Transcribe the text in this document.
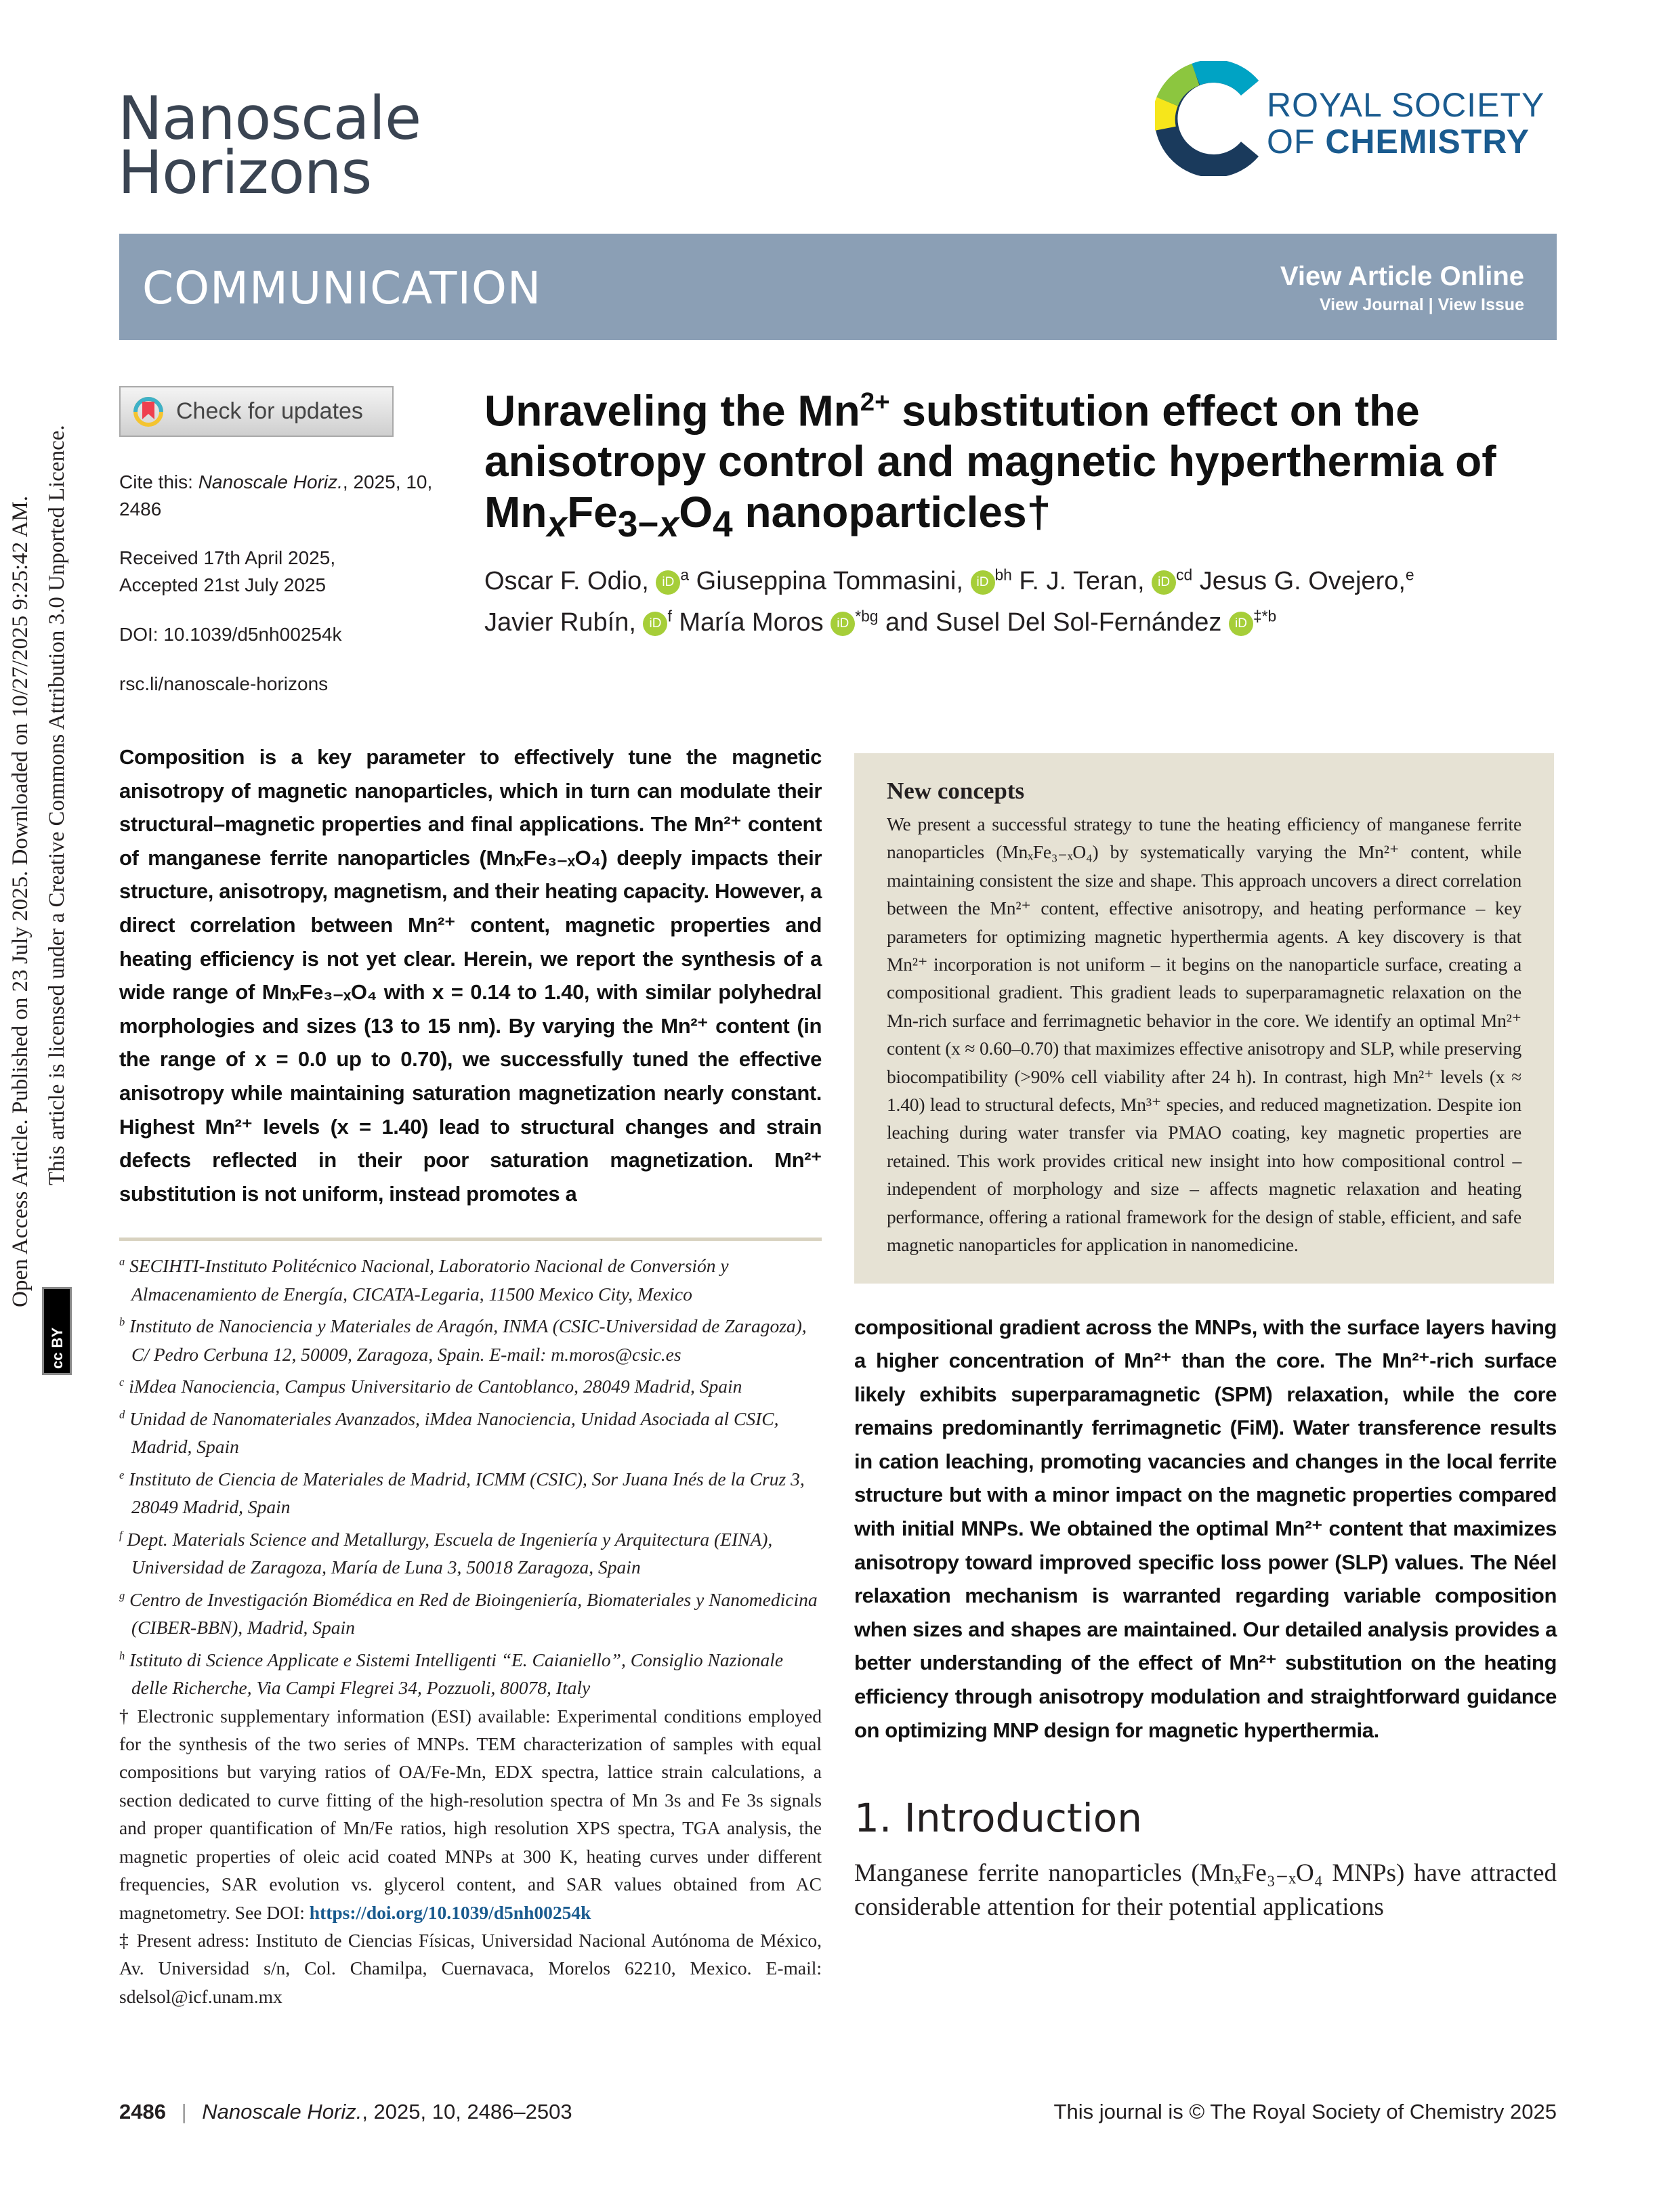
Open Access Article. Published on 23 July 2025. Downloaded on 10/27/2025 9:25:42 AM. This article is licensed under a Creative Commons Attribution 3.0 Unported Licence.
cc BY
Nanoscale
Horizons
ROYAL SOCIETY
OF CHEMISTRY
COMMUNICATION	View Article Online
View Journal | View Issue
Check for updates
Cite this: Nanoscale Horiz., 2025, 10, 2486
Received 17th April 2025,
Accepted 21st July 2025
DOI: 10.1039/d5nh00254k
rsc.li/nanoscale-horizons
Unraveling the $Mn^{2+}$ substitution effect on the anisotropy control and magnetic hyperthermia of $Mn_xFe_{3-x}O_4$ nanoparticles†
Oscar F. Odio, iD $^a$ Giuseppina Tommasini, iD $^{bh}$ F. J. Teran, iD $^{cd}$ Jesus G. Ovejero,$^e$
Javier Rubín, iD $^f$ María Moros iD $^{*bg}$ and Susel Del Sol-Fernández iD $^{\ddagger*b}$
Composition is a key parameter to effectively tune the magnetic anisotropy of magnetic nanoparticles, which in turn can modulate their structural–magnetic properties and final applications. The Mn²⁺ content of manganese ferrite nanoparticles (MnₓFe₃₋ₓO₄) deeply impacts their structure, anisotropy, magnetism, and their heating capacity. However, a direct correlation between Mn²⁺ content, magnetic properties and heating efficiency is not yet clear. Herein, we report the synthesis of a wide range of MnₓFe₃₋ₓO₄ with x = 0.14 to 1.40, with similar polyhedral morphologies and sizes (13 to 15 nm). By varying the Mn²⁺ content (in the range of x = 0.0 up to 0.70), we successfully tuned the effective anisotropy while maintaining saturation magnetization nearly constant. Highest Mn²⁺ levels (x = 1.40) lead to structural changes and strain defects reflected in their poor saturation magnetization. Mn²⁺ substitution is not uniform, instead promotes a

$^a$ SECIHTI-Instituto Politécnico Nacional, Laboratorio Nacional de Conversión y Almacenamiento de Energía, CICATA-Legaria, 11500 Mexico City, Mexico

$^b$ Instituto de Nanociencia y Materiales de Aragón, INMA (CSIC-Universidad de Zaragoza), C/ Pedro Cerbuna 12, 50009, Zaragoza, Spain. E-mail: m.moros@csic.es

$^c$ iMdea Nanociencia, Campus Universitario de Cantoblanco, 28049 Madrid, Spain

$^d$ Unidad de Nanomateriales Avanzados, iMdea Nanociencia, Unidad Asociada al CSIC, Madrid, Spain

$^e$ Instituto de Ciencia de Materiales de Madrid, ICMM (CSIC), Sor Juana Inés de la Cruz 3, 28049 Madrid, Spain

$^f$ Dept. Materials Science and Metallurgy, Escuela de Ingeniería y Arquitectura (EINA), Universidad de Zaragoza, María de Luna 3, 50018 Zaragoza, Spain

$^g$ Centro de Investigación Biomédica en Red de Bioingeniería, Biomateriales y Nanomedicina (CIBER-BBN), Madrid, Spain

$^h$ Istituto di Science Applicate e Sistemi Intelligenti “E. Caianiello”, Consiglio Nazionale delle Richerche, Via Campi Flegrei 34, Pozzuoli, 80078, Italy

† Electronic supplementary information (ESI) available: Experimental conditions employed for the synthesis of the two series of MNPs. TEM characterization of samples with equal compositions but varying ratios of OA/Fe-Mn, EDX spectra, lattice strain calculations, a section dedicated to curve fitting of the high-resolution spectra of Mn 3s and Fe 3s signals and proper quantification of Mn/Fe ratios, high resolution XPS spectra, TGA analysis, the magnetic properties of oleic acid coated MNPs at 300 K, heating curves under different frequencies, SAR evolution vs. glycerol content, and SAR values obtained from AC magnetometry. See DOI: https://doi.org/10.1039/d5nh00254k

‡ Present adress: Instituto de Ciencias Físicas, Universidad Nacional Autónoma de México, Av. Universidad s/n, Col. Chamilpa, Cuernavaca, Morelos 62210, Mexico. E-mail: sdelsol@icf.unam.mx

New concepts

We present a successful strategy to tune the heating efficiency of manganese ferrite nanoparticles (MnₓFe₃₋ₓO₄) by systematically varying the Mn²⁺ content, while maintaining consistent the size and shape. This approach uncovers a direct correlation between the Mn²⁺ content, effective anisotropy, and heating performance – key parameters for optimizing magnetic hyperthermia agents. A key discovery is that Mn²⁺ incorporation is not uniform – it begins on the nanoparticle surface, creating a compositional gradient. This gradient leads to superparamagnetic relaxation on the Mn-rich surface and ferrimagnetic behavior in the core. We identify an optimal Mn²⁺ content (x ≈ 0.60–0.70) that maximizes effective anisotropy and SLP, while preserving biocompatibility (>90% cell viability after 24 h). In contrast, high Mn²⁺ levels (x ≈ 1.40) lead to structural defects, Mn³⁺ species, and reduced magnetization. Despite ion leaching during water transfer via PMAO coating, key magnetic properties are retained. This work provides critical new insight into how compositional control – independent of morphology and size – affects magnetic relaxation and heating performance, offering a rational framework for the design of stable, efficient, and safe magnetic nanoparticles for application in nanomedicine.

compositional gradient across the MNPs, with the surface layers having a higher concentration of Mn²⁺ than the core. The Mn²⁺-rich surface likely exhibits superparamagnetic (SPM) relaxation, while the core remains predominantly ferrimagnetic (FiM). Water transference results in cation leaching, promoting vacancies and changes in the local ferrite structure but with a minor impact on the magnetic properties compared with initial MNPs. We obtained the optimal Mn²⁺ content that maximizes anisotropy toward improved specific loss power (SLP) values. The Néel relaxation mechanism is warranted regarding variable composition when sizes and shapes are maintained. Our detailed analysis provides a better understanding of the effect of Mn²⁺ substitution on the heating efficiency through anisotropy modulation and straightforward guidance on optimizing MNP design for magnetic hyperthermia.
1. Introduction
Manganese ferrite nanoparticles (MnₓFe₃₋ₓO₄ MNPs) have attracted considerable attention for their potential applications
2486 | Nanoscale Horiz., 2025, 10, 2486–2503	This journal is © The Royal Society of Chemistry 2025
